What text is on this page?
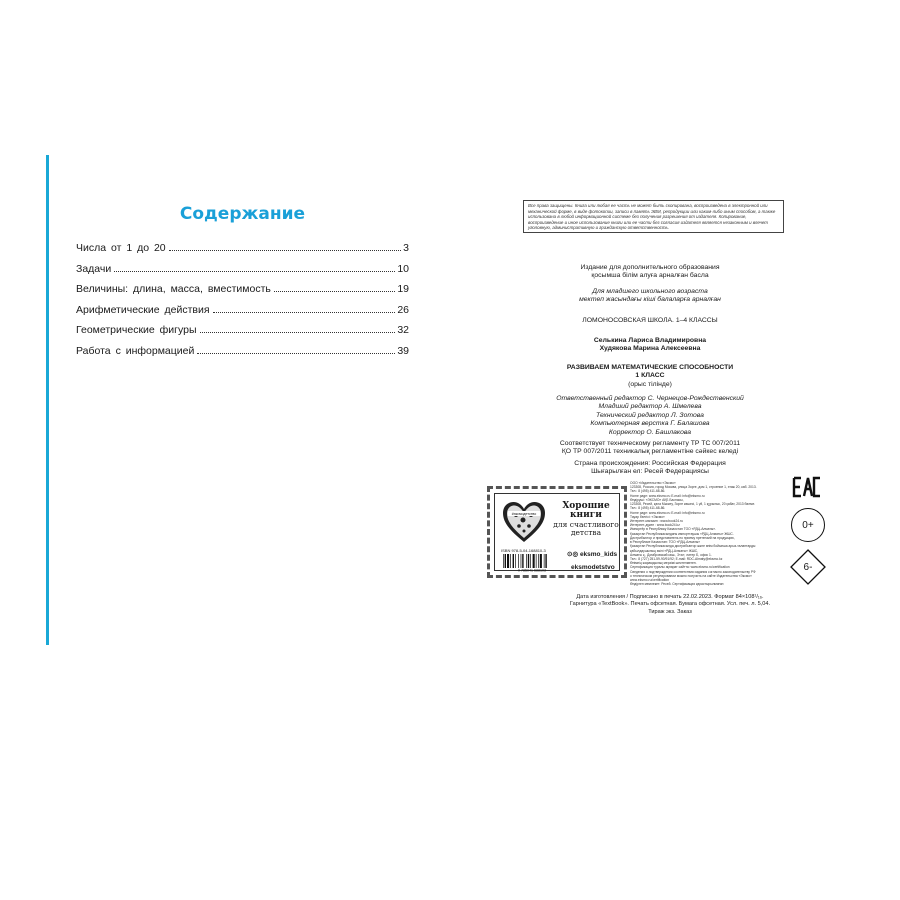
Содержание
Числа от 1 до 20	3
Задачи	10
Величины: длина, масса, вместимость	19
Арифметические действия	26
Геометрические фигуры	32
Работа с информацией	39
Все права защищены. Книга или любая ее часть не может быть скопирована, воспроизведена в электронной или механической форме, в виде фотокопии, записи в память ЭВМ, репродукции или каким-либо иным способом, а также использована в любой информационной системе без получения разрешения от издателя. Копирование, воспроизведение и иное использование книги или ее части без согласия издателя является незаконным и влечет уголовную, административную и гражданскую ответственность.
Издание для дополнительного образования
қосымша білім алуға арналған басла
Для младшего школьного возраста
мектеп жасындағы кіші балаларға арналған
ЛОМОНОСОВСКАЯ ШКОЛА. 1–4 КЛАССЫ
Селькина Лариса Владимировна
Худякова Марина Алексеевна
РАЗВИВАЕМ МАТЕМАТИЧЕСКИЕ СПОСОБНОСТИ
1 КЛАСС
(орыс тілінде)
Ответственный редактор С. Чернецов-Рождественский
Младший редактор А. Шмелева
Технический редактор Л. Зотова
Компьютерная верстка Г. Балашова
Корректор О. Башлакова
Соответствует техническому регламенту ТР ТС 007/2011
ҚО ТР 007/2011 техникалық регламентіне сәйкес келеді
Страна происхождения: Российская Федерация
Шығарылған ел: Ресей Федерациясы
#эксмодетство
Хорошие
книги
для счастливого
детства
ISBN 978-5-04-168810-3
9 785041 688103
⊙◎ eksmo_kids
eksmodetstvo
ООО «Издательство «Эксмо»
123308, Россия, город Москва, улица Зорге, дом 1, строение 1, этаж 20, каб. 2013.
Тел.: 8 (495) 411-68-86.
Home page: www.eksmo.ru E-mail: info@eksmo.ru
Өндіруші: «ЭКСМО» АҚБ Баспасы,
123308, Ресей, қала Мәскеу, Зорге көшесі, 1 үй, 1 құрылыс, 20 қабат, 2013 бөлме.
Тел.: 8 (495) 411-68-86.
Home page: www.eksmo.ru E-mail: info@eksmo.ru
Тауар белгісі: «Эксмо»
Интернет-магазин : www.book24.ru
Интернет-дүкен : www.book24.kz
Импортёр в Республику Казахстан ТОО «РДЦ-Алматы».
Қазақстан Республикасындағы импорттаушы «РДЦ-Алматы» ЖШС.
Дистрибьютор и представитель по приему претензий на продукцию,
в Республике Казахстан: ТОО «РДЦ-Алматы»
Қазақстан Республикасында дистрибьютор және өнім бойынша арыз-талаптарды
қабылдаушының өкілі «РДЦ-Алматы» ЖШС,
Алматы қ., Домбровский көш., 3«а», литер Б, офис 1.
Тел.: 8 (727) 251-59-90/91/92; E-mail: RDC-Almaty@eksmo.kz
Өнімнің жарамдылық мерзімі шектелмеген.
Сертификация туралы ақпарат сайтта: www.eksmo.ru/certification
Сведения о подтверждении соответствия издания согласно законодательству РФ
о техническом регулировании можно получить на сайте Издательства «Эксмо»
www.eksmo.ru/certification
Өндірген мемлекет: Ресей. Сертификация қарастырылмаған
Дата изготовления / Подписано в печать 22.02.2023. Формат 84×108¹/₁₆.
Гарнитура «TextBook». Печать офсетная. Бумага офсетная. Усл. печ. л. 5,04.
Тираж экз. Заказ
0+
6-
